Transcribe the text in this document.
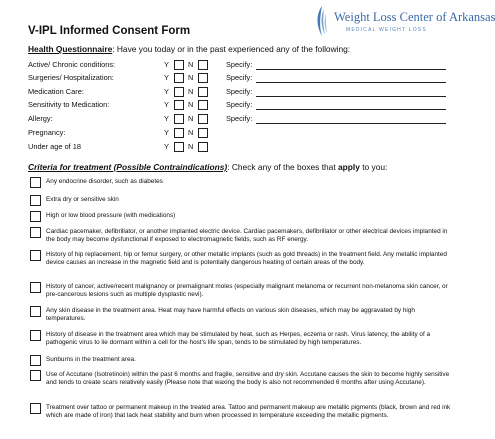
V-IPL Informed Consent Form
Weight Loss Center of Arkansas
MEDICAL WEIGHT LOSS
Health Questionnaire: Have you today or in the past experienced any of the following:
Active/ Chronic conditions:	Y	N	Specify:
Surgeries/ Hospitalization:	Y	N	Specify:
Medication Care:	Y	N	Specify:
Sensitivity to Medication:	Y	N	Specify:
Allergy:	Y	N	Specify:
Pregnancy:	Y	N
Under age of 18	Y	N
Criteria for treatment (Possible Contraindications): Check any of the boxes that apply to you:
Any endocrine disorder, such as diabetes
Extra dry or sensitive skin
High or low blood pressure (with medications)
Cardiac pacemaker, defibrillator, or another implanted electric device. Cardiac pacemakers, defibrillator or other electrical devices implanted in the body may become dysfunctional if exposed to electromagnetic fields, such as RF energy.
History of hip replacement, hip or femur surgery, or other metallic implants (such as gold threads) in the treatment field. Any metallic implanted device causes an increase in the magnetic field and is potentially dangerous heating of certain areas of the body.
History of cancer, active/recent malignancy or premalignant moles (especially malignant melanoma or recurrent non-melanoma skin cancer, or pre-cancerous lesions such as multiple dysplastic nevi).
Any skin disease in the treatment area. Heat may have harmful effects on various skin diseases, which may be aggravated by high temperatures.
History of disease in the treatment area which may be stimulated by heat, such as Herpes, eczema or rash. Virus latency, the ability of a pathogenic virus to lie dormant within a cell for the host's life span, tends to be stimulated by high temperatures.
Sunburns in the treatment area.
Use of Accutane (Isotretinoin) within the past 6 months and fragile, sensitive and dry skin. Accutane causes the skin to become highly sensitive and tends to create scars relatively easily (Please note that waxing the body is also not recommended 6 months after using Accutane).
Treatment over tattoo or permanent makeup in the treated area. Tattoo and permanent makeup are metallic pigments (black, brown and red ink which are made of iron) that lack heat stability and burn when processed in temperature exceeding the metallic pigments.
